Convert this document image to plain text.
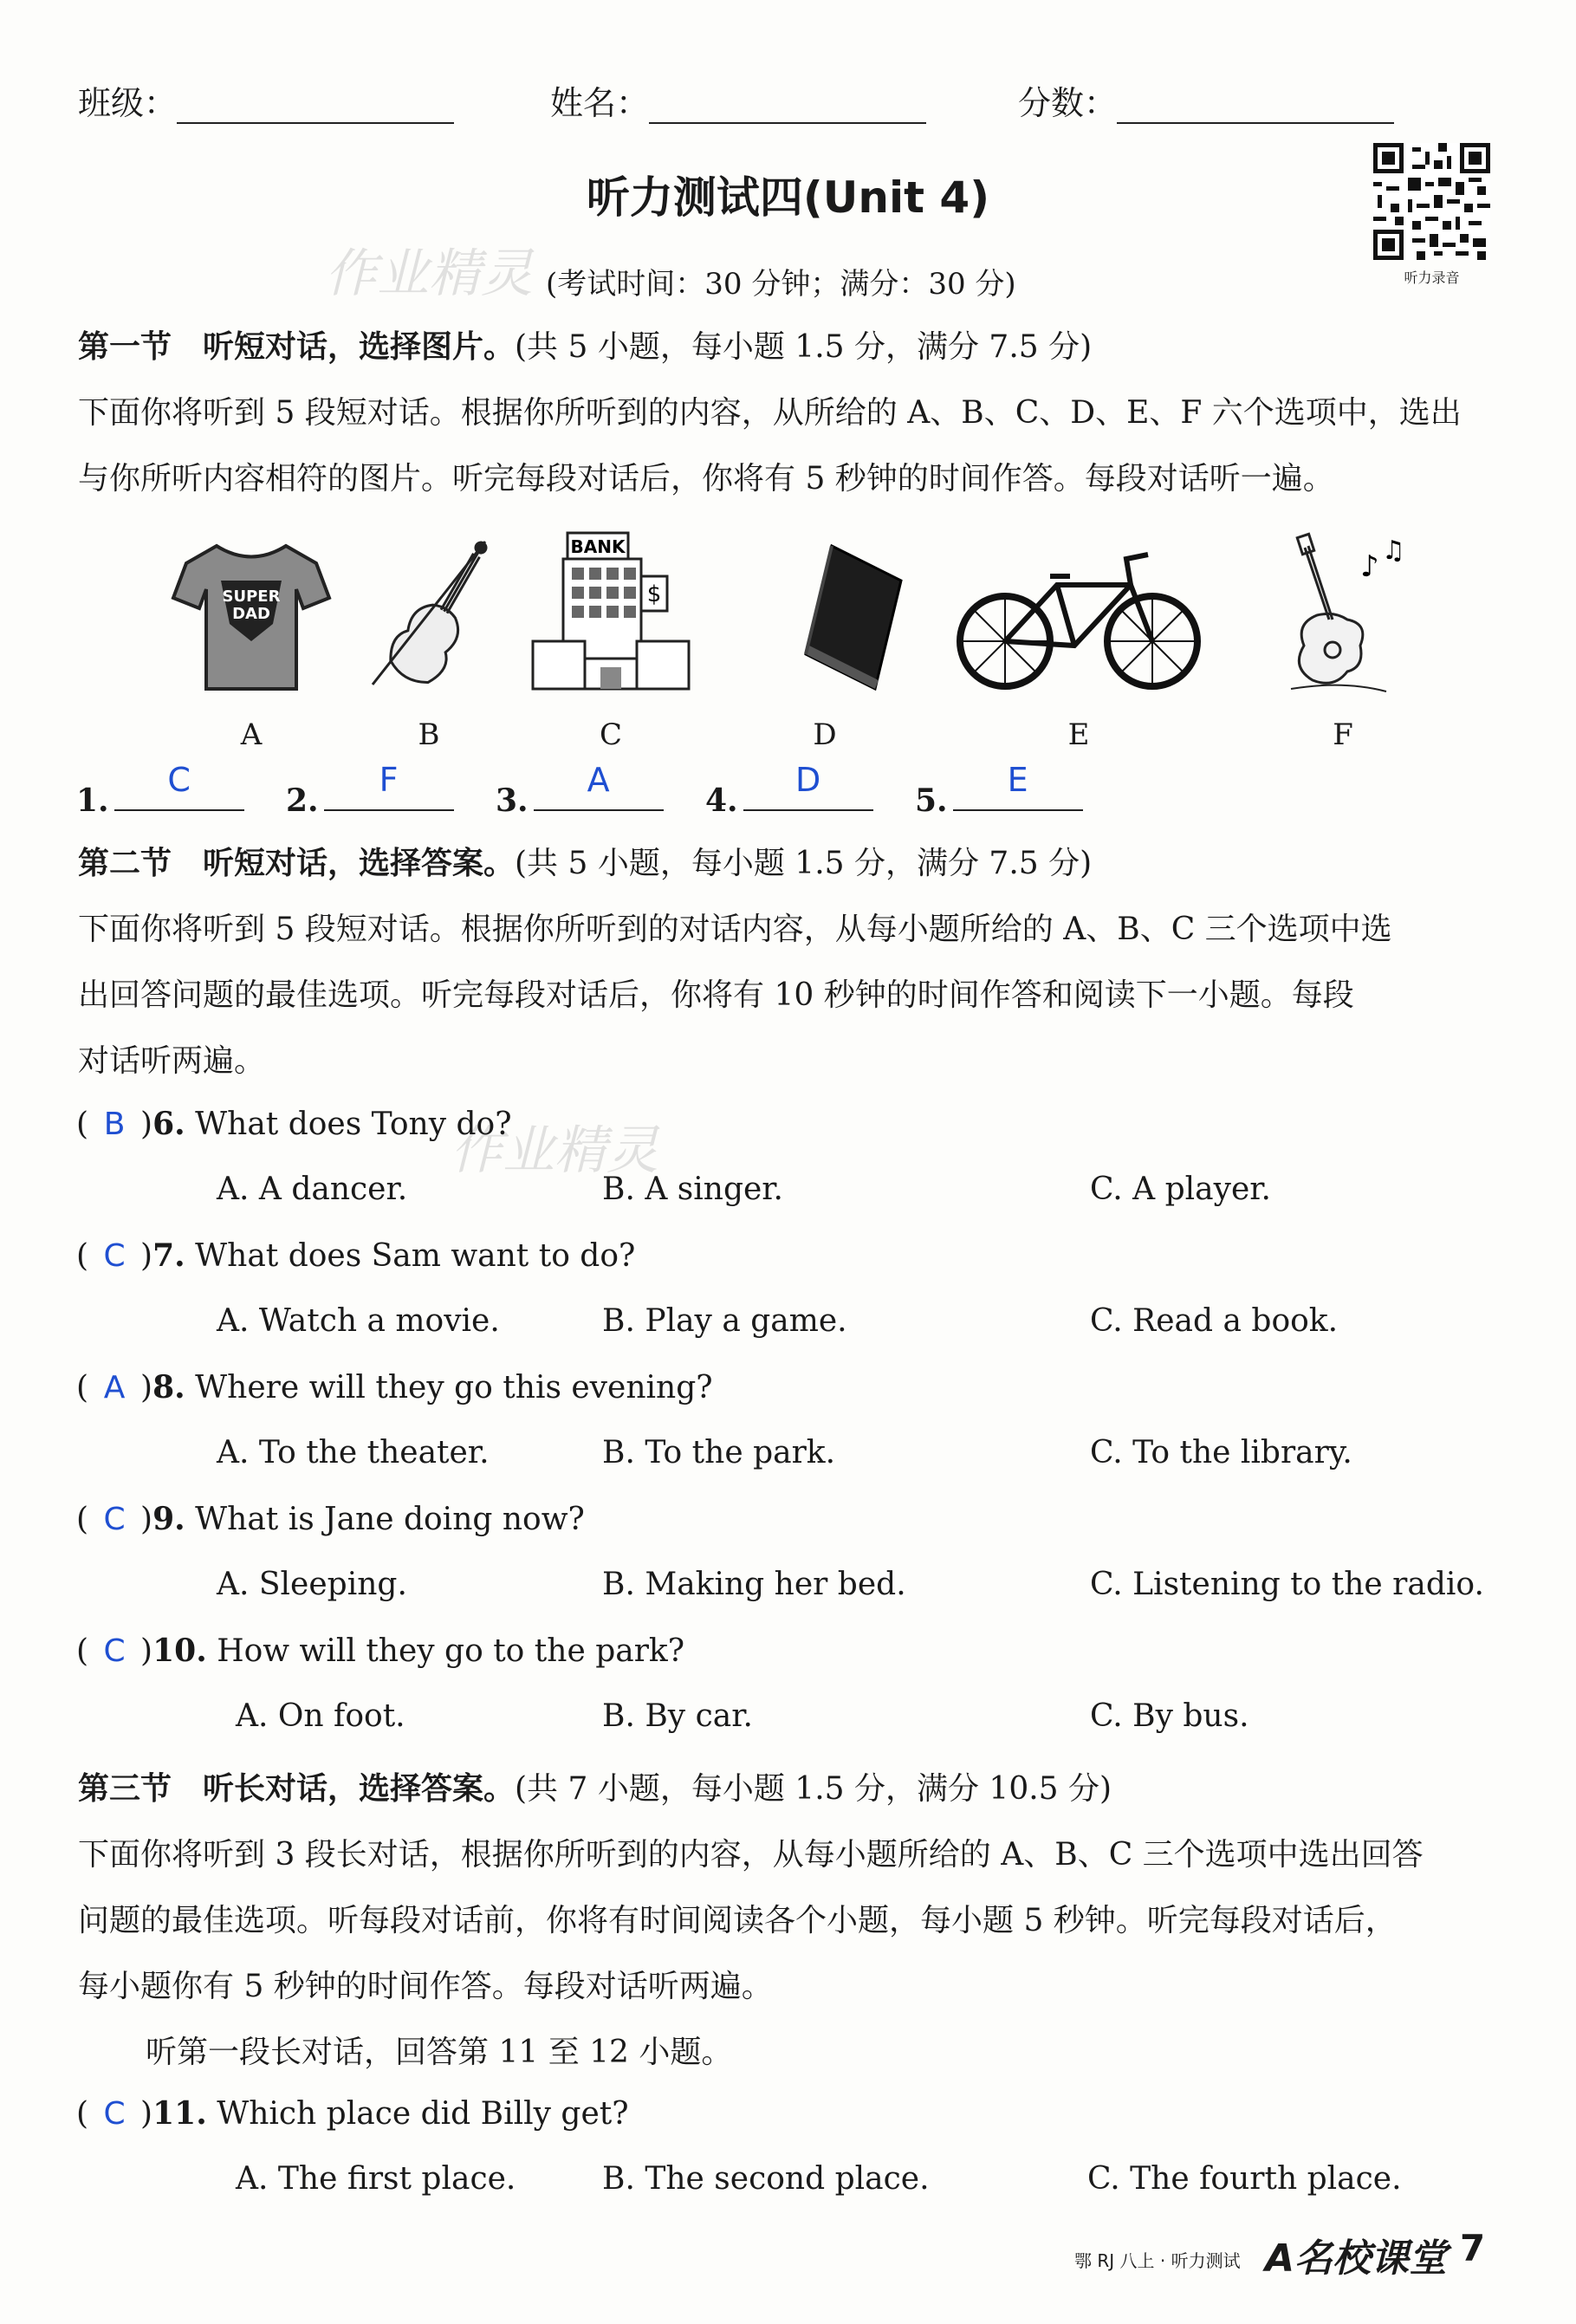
班级：	姓名：	分数：
听力测试四(Unit 4)
(考试时间：30 分钟；满分：30 分)
作业精灵	听力录音
第一节　听短对话，选择图片。(共 5 小题，每小题 1.5 分，满分 7.5 分)
下面你将听到 5 段短对话。根据你所听到的内容，从所给的 A、B、C、D、E、F 六个选项中，选出
与你所听内容相符的图片。听完每段对话后，你将有 5 秒钟的时间作答。每段对话听一遍。
SUPER
DAD
BANK
$
♪ ♫
A	B	C	D	E	F
1.
C
2.
F
3.
A
4.
D
5.
E
第二节　听短对话，选择答案。(共 5 小题，每小题 1.5 分，满分 7.5 分)
下面你将听到 5 段短对话。根据你所听到的对话内容，从每小题所给的 A、B、C 三个选项中选
出回答问题的最佳选项。听完每段对话后，你将有 10 秒钟的时间作答和阅读下一小题。每段
对话听两遍。
作业精灵
( B )6. What does Tony do?
A. A dancer.	B. A singer.	C. A player.
( C )7. What does Sam want to do?
A. Watch a movie.	B. Play a game.	C. Read a book.
( A )8. Where will they go this evening?
A. To the theater.	B. To the park.	C. To the library.
( C )9. What is Jane doing now?
A. Sleeping.	B. Making her bed.	C. Listening to the radio.
( C )10. How will they go to the park?
A. On foot.	B. By car.	C. By bus.
第三节　听长对话，选择答案。(共 7 小题，每小题 1.5 分，满分 10.5 分)
下面你将听到 3 段长对话，根据你所听到的内容，从每小题所给的 A、B、C 三个选项中选出回答
问题的最佳选项。听每段对话前，你将有时间阅读各个小题，每小题 5 秒钟。听完每段对话后，
每小题你有 5 秒钟的时间作答。每段对话听两遍。
听第一段长对话，回答第 11 至 12 小题。
( C )11. Which place did Billy get?
A. The first place.	B. The second place.	C. The fourth place.
鄂 RJ 八上 · 听力测试 A名校课堂 7
